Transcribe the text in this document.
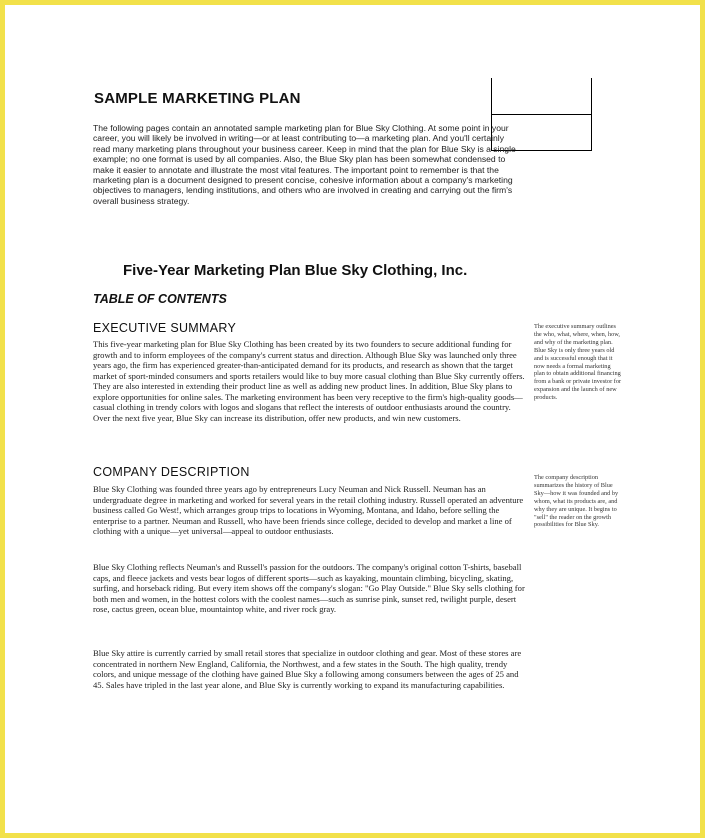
SAMPLE MARKETING PLAN

The following pages contain an annotated sample marketing plan for Blue Sky Clothing. At some point in your career, you will likely be involved in writing—or at least contributing to—a marketing plan. And you'll certainly read many marketing plans throughout your business career. Keep in mind that the plan for Blue Sky is a single example; no one format is used by all companies. Also, the Blue Sky plan has been somewhat condensed to make it easier to annotate and illustrate the most vital features. The important point to remember is that the marketing plan is a document designed to present concise, cohesive information about a company's marketing objectives to managers, lending institutions, and others who are involved in creating and carrying out the firm's overall business strategy.

Five-Year Marketing Plan Blue Sky Clothing, Inc.
TABLE OF CONTENTS
EXECUTIVE SUMMARY

This five-year marketing plan for Blue Sky Clothing has been created by its two founders to secure additional funding for growth and to inform employees of the company's current status and direction. Although Blue Sky was launched only three years ago, the firm has experienced greater-than-anticipated demand for its products, and research as shown that the target market of sport-minded consumers and sports retailers would like to buy more casual clothing than Blue Sky currently offers. They are also interested in extending their product line as well as adding new product lines. In addition, Blue Sky plans to explore opportunities for online sales. The marketing environment has been very receptive to the firm's high-quality goods—casual clothing in trendy colors with logos and slogans that reflect the interests of outdoor enthusiasts around the country. Over the next five year, Blue Sky can increase its distribution, offer new products, and win new customers.

The executive summary outlines the who, what, where, when, how, and why of the marketing plan. Blue Sky is only three years old and is successful enough that it now needs a formal marketing plan to obtain additional financing from a bank or private investor for expansion and the launch of new products.

COMPANY DESCRIPTION

Blue Sky Clothing was founded three years ago by entrepreneurs Lucy Neuman and Nick Russell. Neuman has an undergraduate degree in marketing and worked for several years in the retail clothing industry. Russell operated an adventure business called Go West!, which arranges group trips to locations in Wyoming, Montana, and Idaho, before selling the enterprise to a partner. Neuman and Russell, who have been friends since college, decided to develop and market a line of clothing with a unique—yet universal—appeal to outdoor enthusiasts.

Blue Sky Clothing reflects Neuman's and Russell's passion for the outdoors. The company's original cotton T-shirts, baseball caps, and fleece jackets and vests bear logos of different sports—such as kayaking, mountain climbing, bicycling, skating, surfing, and horseback riding. But every item shows off the company's slogan: "Go Play Outside." Blue Sky sells clothing for both men and women, in the hottest colors with the coolest names—such as sunrise pink, sunset red, twilight purple, desert rose, cactus green, ocean blue, mountaintop white, and river rock gray.

Blue Sky attire is currently carried by small retail stores that specialize in outdoor clothing and gear. Most of these stores are concentrated in northern New England, California, the Northwest, and a few states in the South. The high quality, trendy colors, and unique message of the clothing have gained Blue Sky a following among consumers between the ages of 25 and 45. Sales have tripled in the last year alone, and Blue Sky is currently working to expand its manufacturing capabilities.

The company description summarizes the history of Blue Sky—how it was founded and by whom, what its products are, and why they are unique. It begins to "sell" the reader on the growth possibilities for Blue Sky.
